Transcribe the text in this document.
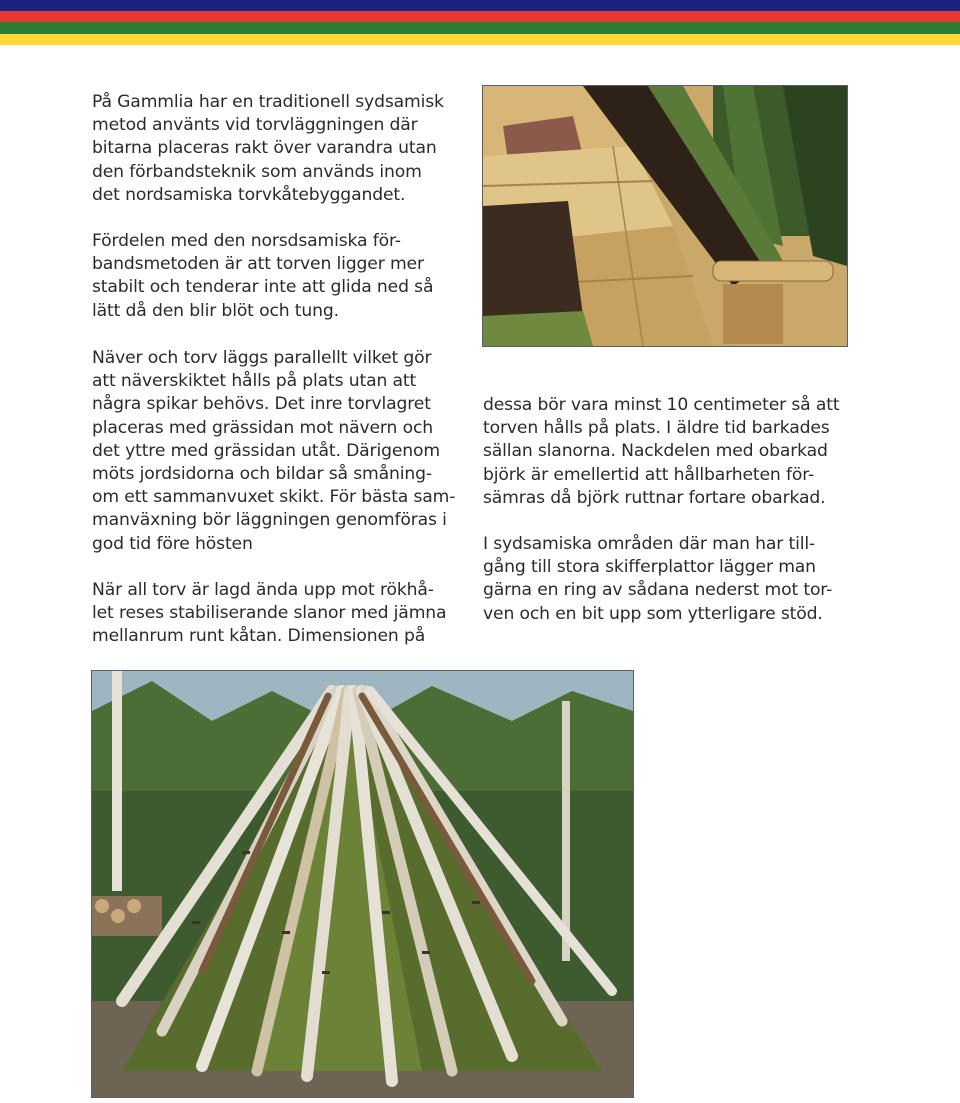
På Gammlia har en traditionell sydsamisk
metod använts vid torvläggningen där
bitarna placeras rakt över varandra utan
den förbandsteknik som används inom
det nordsamiska torvkåtebyggandet.

Fördelen med den norsdsamiska för-
bandsmetoden är att torven ligger mer
stabilt och tenderar inte att glida ned så
lätt då den blir blöt och tung.

Näver och torv läggs parallellt vilket gör
att näverskiktet hålls på plats utan att
några spikar behövs. Det inre torvlagret
placeras med grässidan mot nävern och
det yttre med grässidan utåt. Därigenom
möts jordsidorna och bildar så småning-
om ett sammanvuxet skikt. För bästa sam-
manväxning bör läggningen genomföras i
god tid före hösten

När all torv är lagd ända upp mot rökhå-
let reses stabiliserande slanor med jämna
mellanrum runt kåtan. Dimensionen på

dessa bör vara minst 10 centimeter så att
torven hålls på plats. I äldre tid barkades
sällan slanorna. Nackdelen med obarkad
björk är emellertid att hållbarheten för-
sämras då björk ruttnar fortare obarkad.

I sydsamiska områden där man har till-
gång till stora skifferplattor lägger man
gärna en ring av sådana nederst mot tor-
ven och en bit upp som ytterligare stöd.
